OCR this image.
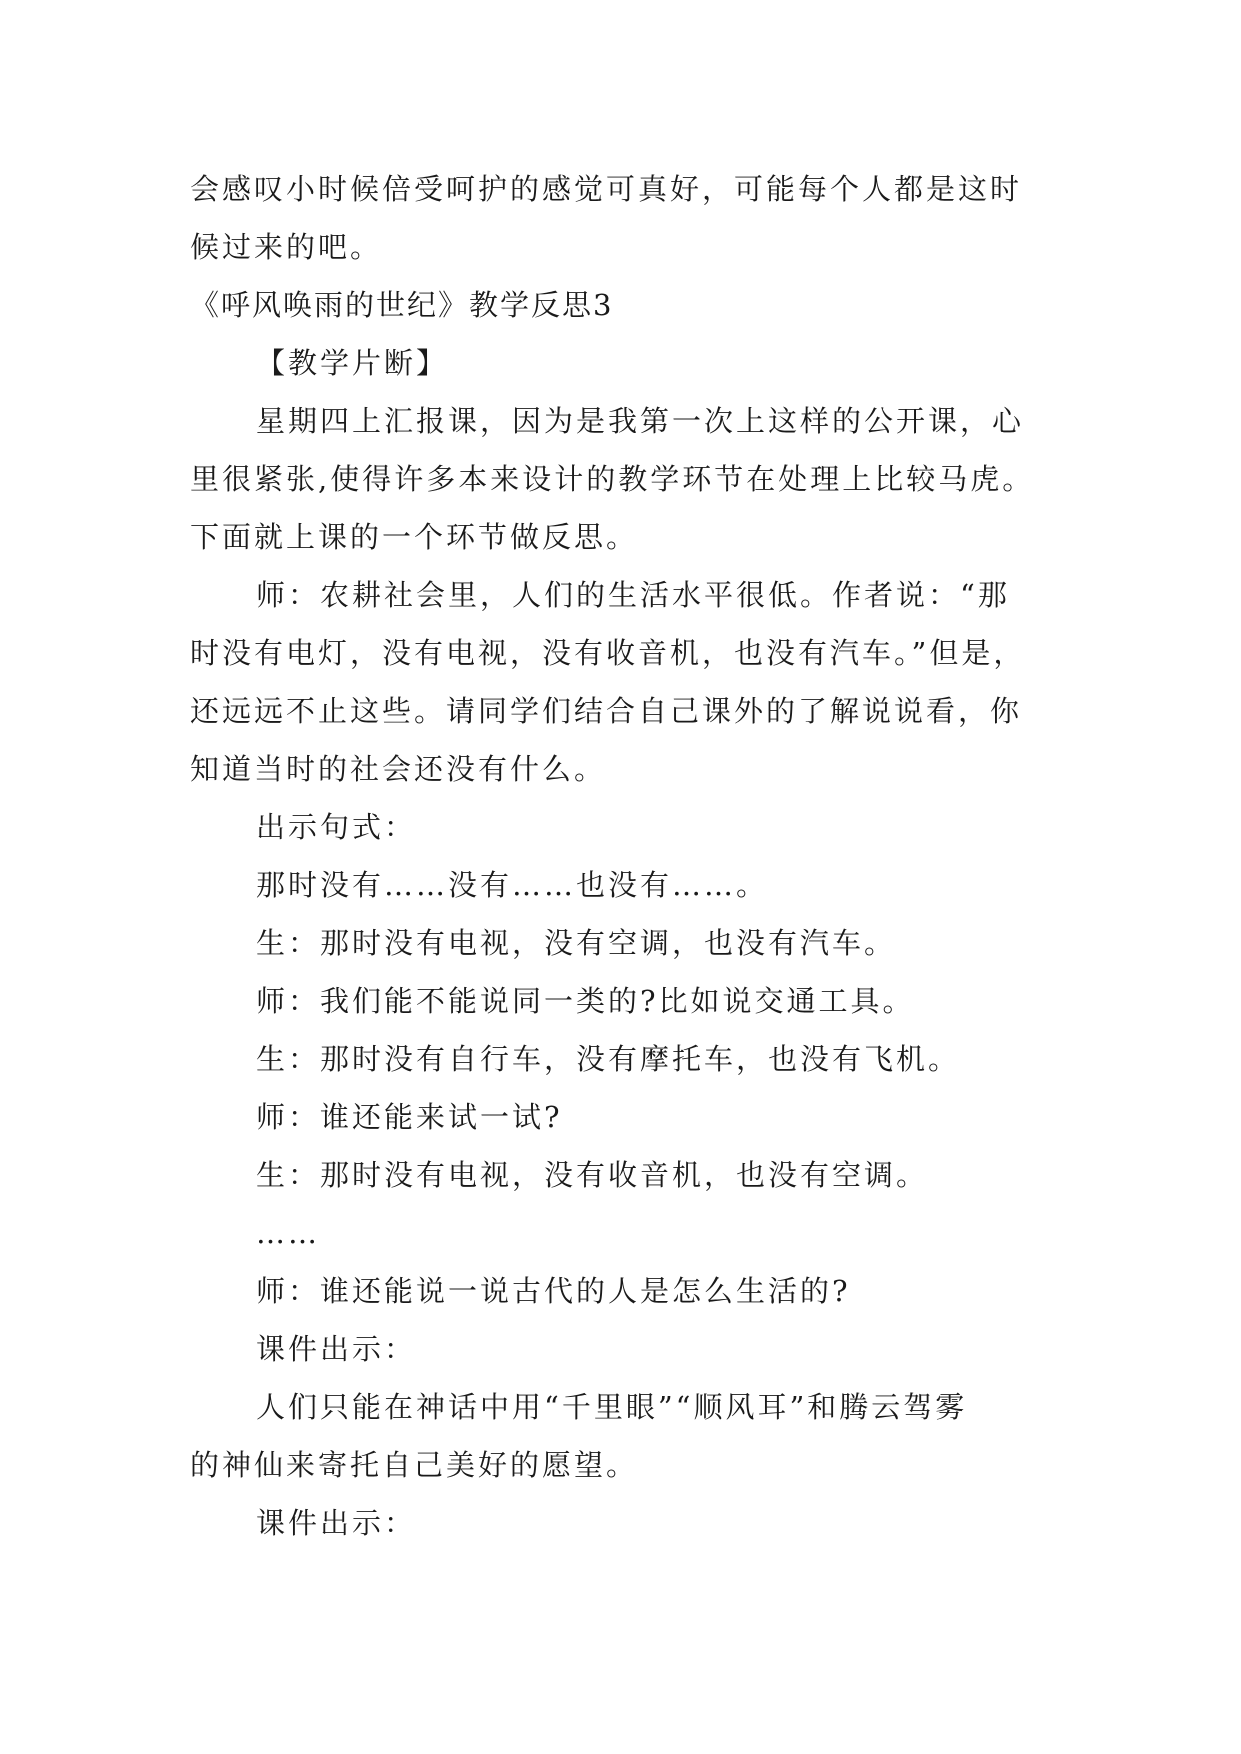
会感叹小时候倍受呵护的感觉可真好，可能每个人都是这时
候过来的吧。
《呼风唤雨的世纪》教学反思3
【教学片断】
星期四上汇报课，因为是我第一次上这样的公开课，心
里很紧张,使得许多本来设计的教学环节在处理上比较马虎。
下面就上课的一个环节做反思。
师：农耕社会里，人们的生活水平很低。作者说：“那
时没有电灯，没有电视，没有收音机，也没有汽车。”但是，
还远远不止这些。请同学们结合自己课外的了解说说看，你
知道当时的社会还没有什么。
出示句式：
那时没有……没有……也没有……。
生：那时没有电视，没有空调，也没有汽车。
师：我们能不能说同一类的?比如说交通工具。
生：那时没有自行车，没有摩托车，也没有飞机。
师：谁还能来试一试?
生：那时没有电视，没有收音机，也没有空调。
……
师：谁还能说一说古代的人是怎么生活的?
课件出示：
人们只能在神话中用“千里眼”“顺风耳”和腾云驾雾
的神仙来寄托自己美好的愿望。
课件出示：
